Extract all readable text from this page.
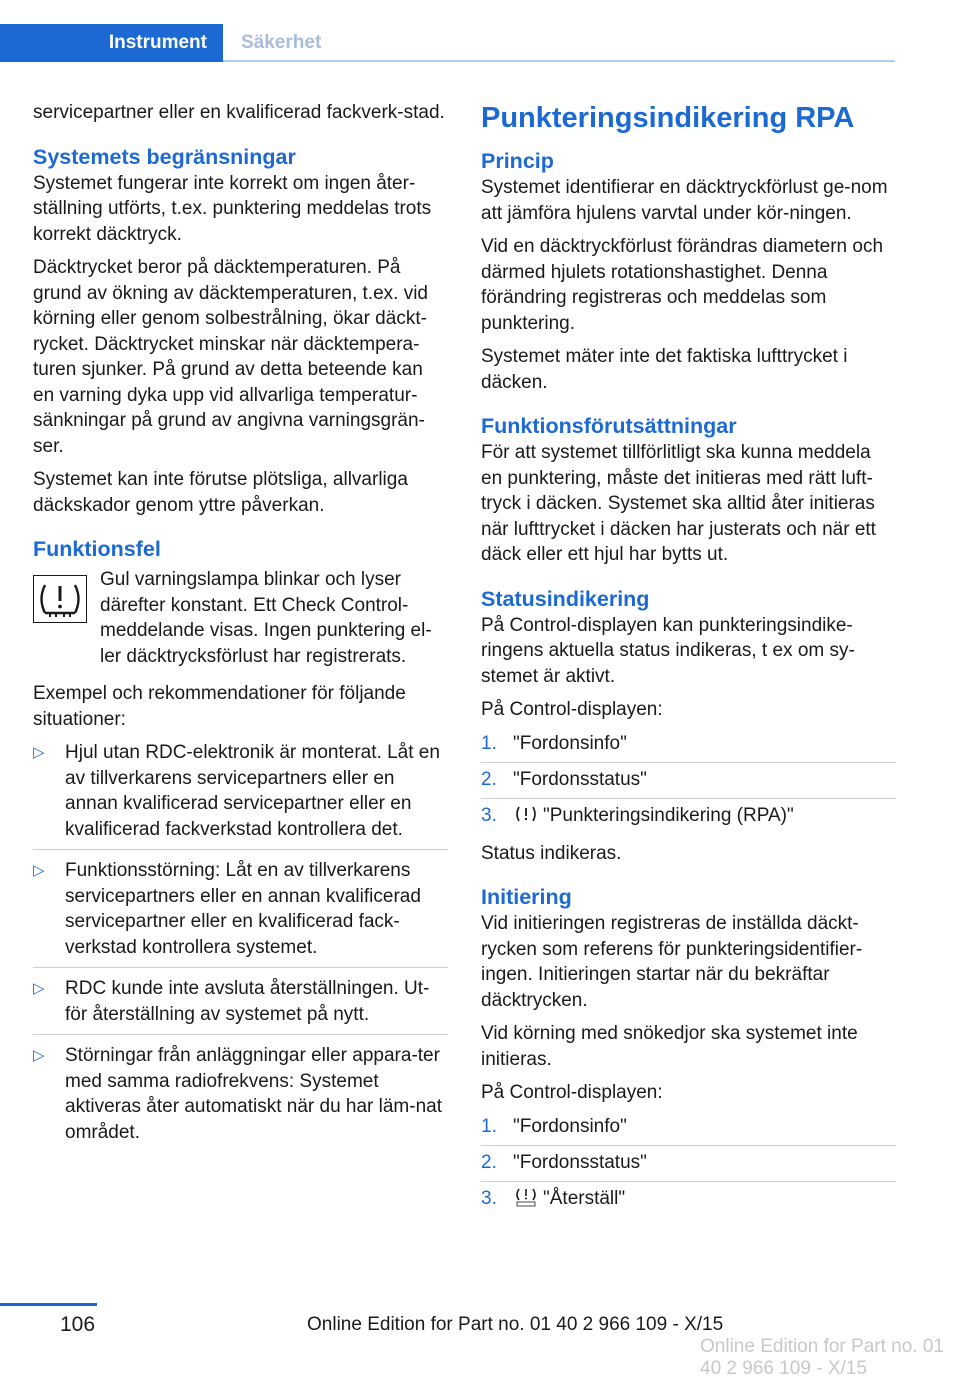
Instrument	Säkerhet

servicepartner eller en kvalificerad fackverk-stad.

Systemets begränsningar

Systemet fungerar inte korrekt om ingen åter-ställning utförts, t.ex. punktering meddelas trots korrekt däcktryck.

Däcktrycket beror på däcktemperaturen. På grund av ökning av däcktemperaturen, t.ex. vid körning eller genom solbestrålning, ökar däckt-rycket. Däcktrycket minskar när däcktempera-turen sjunker. På grund av detta beteende kan en varning dyka upp vid allvarliga temperatur-sänkningar på grund av angivna varningsgrän-ser.

Systemet kan inte förutse plötsliga, allvarliga däckskador genom yttre påverkan.

Funktionsfel

Gul varningslampa blinkar och lyser därefter konstant. Ett Check Control-meddelande visas. Ingen punktering el-ler däcktrycksförlust har registrerats.

Exempel och rekommendationer för följande situationer:

▷ Hjul utan RDC-elektronik är monterat. Låt en av tillverkarens servicepartners eller en annan kvalificerad servicepartner eller en kvalificerad fackverkstad kontrollera det.
▷ Funktionsstörning: Låt en av tillverkarens servicepartners eller en annan kvalificerad servicepartner eller en kvalificerad fack-verkstad kontrollera systemet.
▷ RDC kunde inte avsluta återställningen. Ut-för återställning av systemet på nytt.
▷ Störningar från anläggningar eller appara-ter med samma radiofrekvens: Systemet aktiveras åter automatiskt när du har läm-nat området.
Punkteringsindikering RPA
Princip

Systemet identifierar en däcktryckförlust ge-nom att jämföra hjulens varvtal under kör-ningen.

Vid en däcktryckförlust förändras diametern och därmed hjulets rotationshastighet. Denna förändring registreras och meddelas som punktering.

Systemet mäter inte det faktiska lufttrycket i däcken.

Funktionsförutsättningar

För att systemet tillförlitligt ska kunna meddela en punktering, måste det initieras med rätt luft-tryck i däcken. Systemet ska alltid åter initieras när lufttrycket i däcken har justerats och när ett däck eller ett hjul har bytts ut.

Statusindikering

På Control-displayen kan punkteringsindike-ringens aktuella status indikeras, t ex om sy-stemet är aktivt.

På Control-displayen:

1. "Fordonsinfo"
2. "Fordonsstatus"
3. "Punkteringsindikering (RPA)"

Status indikeras.

Initiering

Vid initieringen registreras de inställda däckt-rycken som referens för punkteringsidentifier-ingen. Initieringen startar när du bekräftar däcktrycken.

Vid körning med snökedjor ska systemet inte initieras.

På Control-displayen:

1. "Fordonsinfo"
2. "Fordonsstatus"
3. "Återställ"
106	Online Edition for Part no. 01 40 2 966 109 - X/15
Online Edition for Part no. 01 40 2 966 109 - X/15
